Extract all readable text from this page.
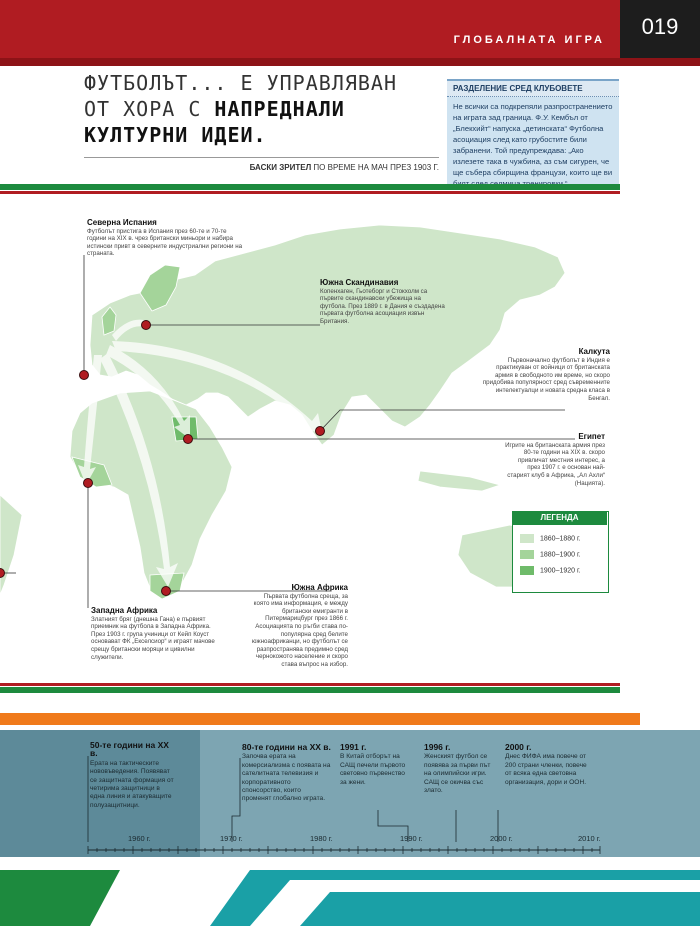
019
ГЛОБАЛНАТА ИГРА
ФУТБОЛЪТ... Е УПРАВЛЯВАН
ОТ ХОРА С НАПРЕДНАЛИ
КУЛТУРНИ ИДЕИ.
БАСКИ ЗРИТЕЛ ПО ВРЕМЕ НА МАЧ ПРЕЗ 1903 Г.
РАЗДЕЛЕНИЕ СРЕД КЛУБОВЕТЕ
Не всички са подкрепяли разпространението на играта зад граница. Ф.У. Кембъл от „Блекхийт“ напуска „детинската“ Футболна асоциация след като грубостите били забранени. Той предупреждава: „Ако излезете така в чужбина, аз съм сигурен, че ще събера сбирщина французи, които ще ви
Северна Испания
Футболът пристига в Испания през 60-те и 70-те години на XIX в. чрез британски миньори и набира истински привт в северните индустриални региони на страната.
Южна Скандинавия
Копенхаген, Гьотеборг и Стокхолм са първите скандинавски убежища на футбола. През 1889 г. в Дания е създадена първата футболна асоциация извън Британия.
Калкута
Първоначално футболът в Индия е практикуван от войници от британската армия в свободното им време, но скоро придобива популярност сред съвременните интелектуалци и новата средна класа в Бенгал.
Египет
Игрите на британската армия през 80-те години на XIX в. скоро привличат местния интерес, а през 1907 г. е основан най-старият клуб в Африка, „Ал Ахли“ (Нацията).
Западна Африка
Златният бряг (днешна Гана) е първият приемник на футбола в Западна Африка. През 1903 г. група учиници от Кейп Коуст основават ФК „Екселсиор“ и играят мачове срещу британски моряци и цивилни служители.
Южна Африка
Първата футболна среща, за която има информация, е между британски емигранти в Питермарицбург през 1866 г. Асоциацията по ръгби става по-популярна сред белите южноафриканци, но футболът се разпространява предимно сред чернокожото население и скоро става въпрос на избор.
ЛЕГЕНДА
1860–1880 г.
1880–1900 г.
1900–1920 г.
50-те години на XX в.
Ерата на тактическите нововъведения. Появяват се защитната формация от четирима защитници в една линия и атакуващите полузащитници.
80-те години на XX в.
Започва ерата на комерсиализма с появата на сателитната телевизия и корпоративното спонсорство, които променят глобално играта.
1991 г.
В Китай отборът на САЩ печели първото световно първенство за жени.
1996 г.
Женският футбол се появява за първи път на олимпийски игри. САЩ се окичва със злато.
2000 г.
Днес ФИФА има повече от 200 страни членки, повече от всяка една световна организация, дори и ООН.
1960 г.	1970 г.	1980 г.	1990 г.	2000 г.	2010 г.
